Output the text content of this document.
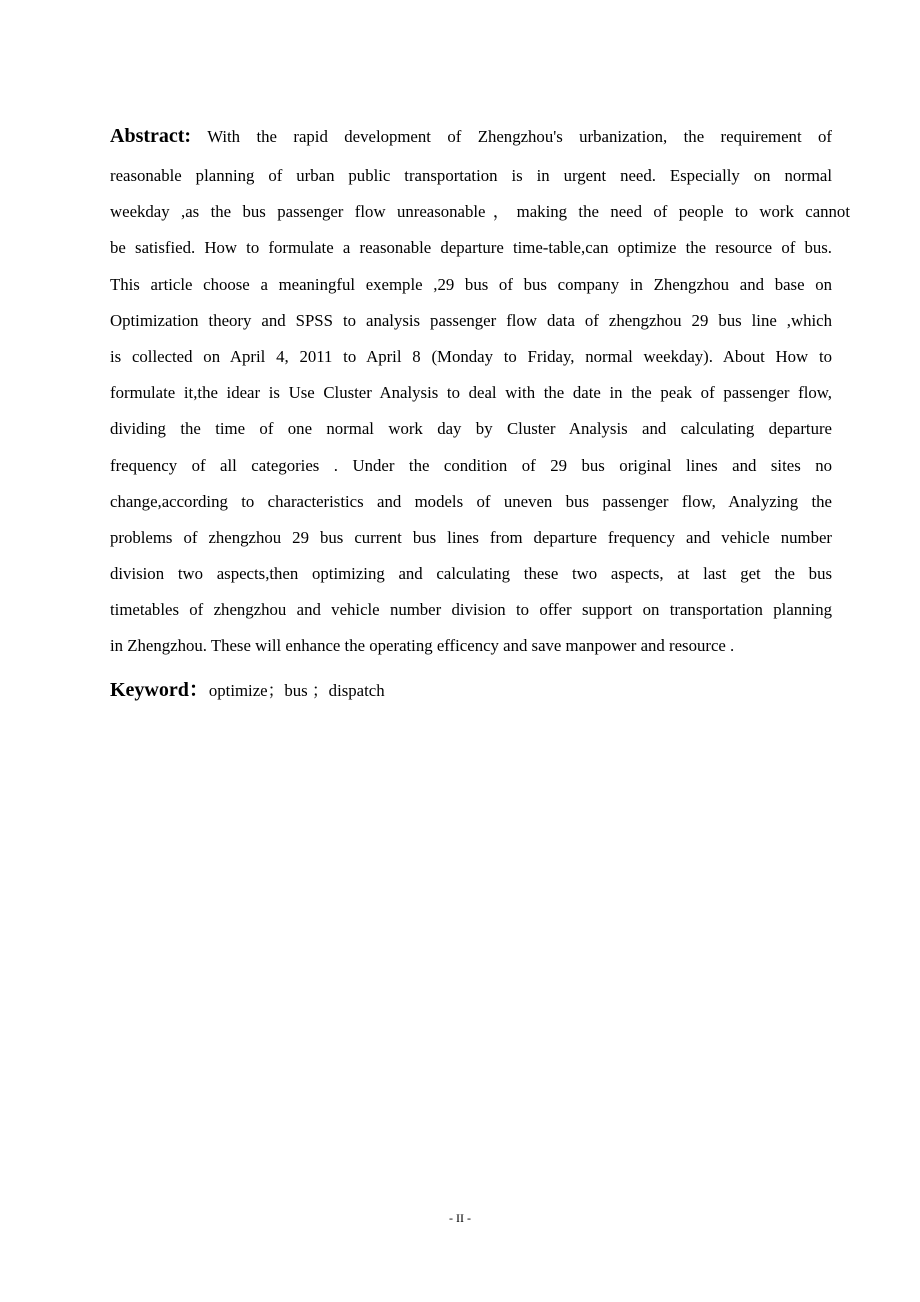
Abstract: With the rapid development of Zhengzhou's urbanization, the requirement of
reasonable planning of urban public transportation is in urgent need. Especially on normal
weekday ,as the bus passenger flow unreasonable，making the need of people to work cannot
be satisfied. How to formulate a reasonable departure time-table,can optimize the resource of bus.
This article choose a meaningful exemple ,29 bus of bus company in Zhengzhou and base on
Optimization theory and SPSS to analysis passenger flow data of zhengzhou 29 bus line ,which
is collected on April 4, 2011 to April 8 (Monday to Friday, normal weekday). About How to
formulate it,the idear is Use Cluster Analysis to deal with the date in the peak of passenger flow,
dividing the time of one normal work day by Cluster Analysis and calculating departure
frequency of all categories . Under the condition of 29 bus original lines and sites no
change,according to characteristics and models of uneven bus passenger flow, Analyzing the
problems of zhengzhou 29 bus current bus lines from departure frequency and vehicle number
division two aspects,then optimizing and calculating these two aspects, at last get the bus
timetables of zhengzhou and vehicle number division to offer support on transportation planning
in Zhengzhou. These will enhance the operating efficency and save manpower and resource .
Keyword：optimize；bus ；dispatch
- II -
